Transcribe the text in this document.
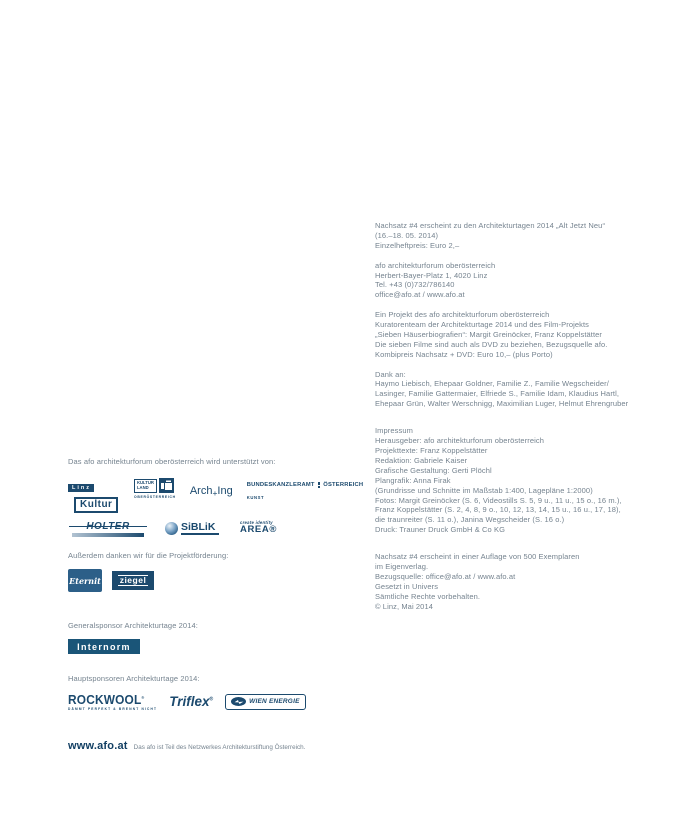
Nachsatz #4 erscheint zu den Architekturtagen 2014 „Alt Jetzt Neu“
(16.–18. 05. 2014)
Einzelheftpreis: Euro 2,–
afo architekturforum oberösterreich
Herbert-Bayer-Platz 1, 4020 Linz
Tel. +43 (0)732/786140
office@afo.at / www.afo.at
Ein Projekt des afo architekturforum oberösterreich
Kuratorenteam der Architekturtage 2014 und des Film-Projekts
„Sieben Häuserbiografien“: Margit Greinöcker, Franz Koppelstätter
Die sieben Filme sind auch als DVD zu beziehen, Bezugsquelle afo.
Kombipreis Nachsatz + DVD: Euro 10,– (plus Porto)
Dank an:
Haymo Liebisch, Ehepaar Goldner, Familie Z., Familie Wegscheider/
Lasinger, Familie Gattermaier, Elfriede S., Familie Idam, Klaudius Hartl,
Ehepaar Grün, Walter Werschnigg, Maximilian Luger, Helmut Ehrengruber
Impressum
Herausgeber: afo architekturforum oberösterreich
Projekttexte: Franz Koppelstätter
Redaktion: Gabriele Kaiser
Grafische Gestaltung: Gerti Plöchl
Plangrafik: Anna Firak
(Grundrisse und Schnitte im Maßstab 1:400, Lagepläne 1:2000)
Fotos: Margit Greinöcker (S. 6, Videostills S. 5, 9 u., 11 u., 15 o., 16 m.),
Franz Koppelstätter (S. 2, 4, 8, 9 o., 10, 12, 13, 14, 15 u., 16 u., 17, 18),
die traunreiter (S. 11 o.), Janina Wegscheider (S. 16 o.)
Druck: Trauner Druck GmbH & Co KG
Nachsatz #4 erscheint in einer Auflage von 500 Exemplaren
im Eigenverlag.
Bezugsquelle: office@afo.at / www.afo.at
Gesetzt in Univers
Sämtliche Rechte vorbehalten.
© Linz, Mai 2014
Das afo architekturforum oberösterreich wird unterstützt von:
Linz Kultur
KULTUR
LAND
OBERÖSTERREICH Arch+Ing BUNDESKANZLERAMT ÖSTERREICH
KUNST
HOLTER	SiBLiK	create identity
AREA®
Außerdem danken wir für die Projektförderung:
Eternit ziegel
Generalsponsor Architekturtage 2014:
Internorm
Hauptsponsoren Architekturtage 2014:
ROCKWOOL®
DÄMMT PERFEKT & BRENNT NICHT
Triflex®	WIEN ENERGIE
www.afo.at Das afo ist Teil des Netzwerkes Architekturstiftung Österreich.
